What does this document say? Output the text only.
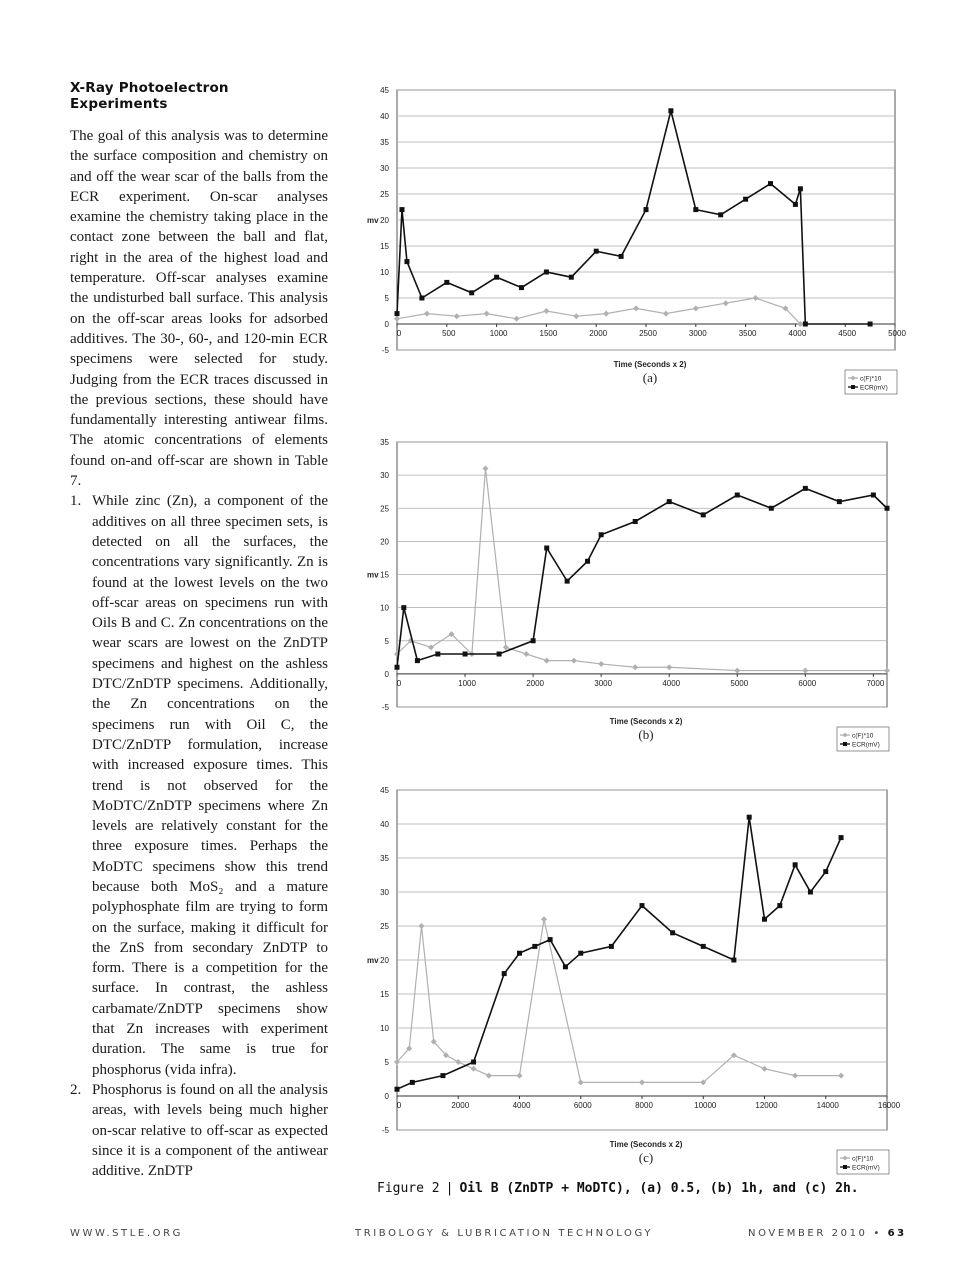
X-Ray Photoelectron Experiments

The goal of this analysis was to determine the surface composition and chemistry on and off the wear scar of the balls from the ECR experiment. On-scar analyses examine the chemistry taking place in the contact zone between the ball and flat, right in the area of the highest load and temperature. Off-scar analyses examine the undisturbed ball surface. This analysis on the off-scar areas looks for adsorbed additives. The 30-, 60-, and 120-min ECR specimens were selected for study. Judging from the ECR traces discussed in the previous sections, these should have fundamentally interesting antiwear films. The atomic concentrations of elements found on-and off-scar are shown in Table 7.

1. While zinc (Zn), a component of the additives on all three specimen sets, is detected on all the surfaces, the concentrations vary significantly. Zn is found at the lowest levels on the two off-scar areas on specimens run with Oils B and C. Zn concentrations on the wear scars are lowest on the ZnDTP specimens and highest on the ashless DTC/ZnDTP specimens. Additionally, the Zn concentrations on the specimens run with Oil C, the DTC/ZnDTP formulation, increase with increased exposure times. This trend is not observed for the MoDTC/ZnDTP specimens where Zn levels are relatively constant for the three exposure times. Perhaps the MoDTC specimens show this trend because both MoS₂ and a mature polyphosphate film are trying to form on the surface, making it difficult for the ZnS from secondary ZnDTP to form. There is a competition for the surface. In contrast, the ashless carbamate/ZnDTP specimens show that Zn increases with experiment duration. The same is true for phosphorus (vida infra).
2. Phosphorus is found on all the analysis areas, with levels being much higher on-scar relative to off-scar as expected since it is a component of the antiwear additive. ZnDTP
-5
0
5
10
15
20
25
30
35
40
45
0	500	1000	1500	2000	2500	3000	3500	4000	4500	5000
mv
Time (Seconds x 2)
(a)	c(F)*10
ECR(mV)
-5
0
5
10
15
20
25
30
35
0	1000	2000	3000	4000	5000	6000	7000
mv
Time (Seconds x 2)
(b)	c(F)*10
ECR(mV)
-5
0
5
10
15
20
25
30
35
40
45
0	2000	4000	6000	8000	10000	12000	14000	16000
mv
Time (Seconds x 2)
(c)	c(F)*10
ECR(mV)
Figure 2 | Oil B (ZnDTP + MoDTC), (a) 0.5, (b) 1h, and (c) 2h.
WWW.STLE.ORG	TRIBOLOGY & LUBRICATION TECHNOLOGY	NOVEMBER 2010 • 63
